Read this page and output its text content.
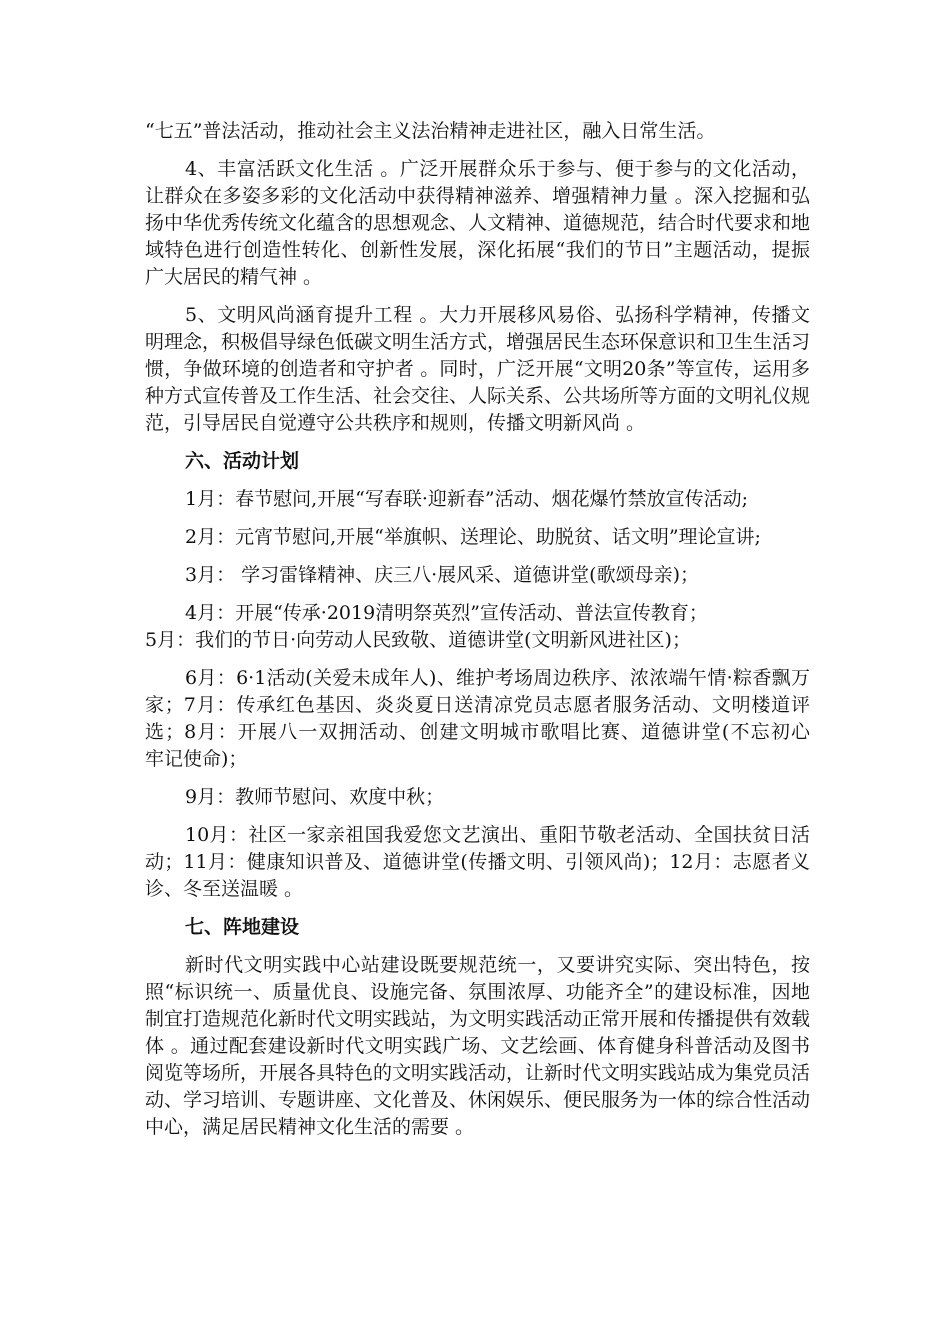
“七五”普法活动，推动社会主义法治精神走进社区，融入日常生活。

4、丰富活跃文化生活 。广泛开展群众乐于参与、便于参与的文化活动，让群众在多姿多彩的文化活动中获得精神滋养、增强精神力量 。深入挖掘和弘扬中华优秀传统文化蕴含的思想观念、人文精神、道德规范，结合时代要求和地域特色进行创造性转化、创新性发展，深化拓展“我们的节日”主题活动，提振广大居民的精气神 。

5、文明风尚涵育提升工程 。大力开展移风易俗、弘扬科学精神，传播文明理念，积极倡导绿色低碳文明生活方式，增强居民生态环保意识和卫生生活习惯，争做环境的创造者和守护者 。同时，广泛开展“文明20条”等宣传，运用多种方式宣传普及工作生活、社会交往、人际关系、公共场所等方面的文明礼仪规范，引导居民自觉遵守公共秩序和规则，传播文明新风尚 。

六、活动计划

1月：春节慰问,开展“写春联·迎新春”活动、烟花爆竹禁放宣传活动;

2月：元宵节慰问,开展“举旗帜、送理论、助脱贫、话文明”理论宣讲;

3月： 学习雷锋精神、庆三八·展风采、道德讲堂(歌颂母亲)；

4月：开展“传承·2019清明祭英烈”宣传活动、普法宣传教育；

5月：我们的节日·向劳动人民致敬、道德讲堂(文明新风进社区)；

6月：6·1活动(关爱未成年人)、维护考场周边秩序、浓浓端午情·粽香飘万家；7月：传承红色基因、炎炎夏日送清凉党员志愿者服务活动、文明楼道评选；8月：开展八一双拥活动、创建文明城市歌唱比赛、道德讲堂(不忘初心　牢记使命)；

9月：教师节慰问、欢度中秋；

10月：社区一家亲祖国我爱您文艺演出、重阳节敬老活动、全国扶贫日活动；11月：健康知识普及、道德讲堂(传播文明、引领风尚)；12月：志愿者义诊、冬至送温暖 。

七、阵地建设

新时代文明实践中心站建设既要规范统一，又要讲究实际、突出特色，按照“标识统一、质量优良、设施完备、氛围浓厚、功能齐全”的建设标准，因地制宜打造规范化新时代文明实践站，为文明实践活动正常开展和传播提供有效载体 。通过配套建设新时代文明实践广场、文艺绘画、体育健身科普活动及图书阅览等场所，开展各具特色的文明实践活动，让新时代文明实践站成为集党员活动、学习培训、专题讲座、文化普及、休闲娱乐、便民服务为一体的综合性活动中心，满足居民精神文化生活的需要 。
